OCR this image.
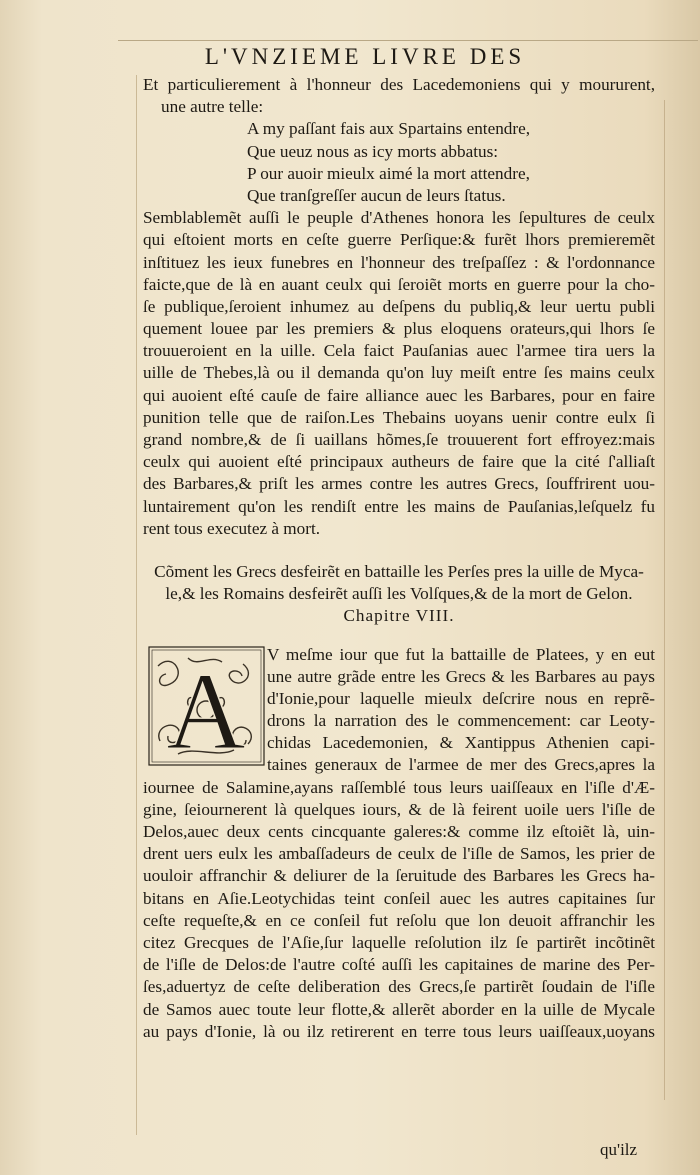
L'VNZIEME LIVRE DES
Et particulierement à l'honneur des Lacedemoniens qui y moururent,
une autre telle:
A my paſſant fais aux Spartains entendre,
Que ueuz nous as icy morts abbatus:
P our auoir mieulx aimé la mort attendre,
Que tranſgreſſer aucun de leurs ſtatus.
Semblablemẽt auſſi le peuple d'Athenes honora les ſepultures de ceulx
qui eſtoient morts en ceſte guerre Perſique:& furẽt lhors premieremẽt
inſtituez les ieux funebres en l'honneur des treſpaſſez : & l'ordonnance
faicte,que de là en auant ceulx qui ſeroiẽt morts en guerre pour la cho-
ſe publique,ſeroient inhumez au deſpens du publiq,& leur uertu publi
quement louee par les premiers & plus eloquens orateurs,qui lhors ſe
trouueroient en la uille. Cela faict Pauſanias auec l'armee tira uers la
uille de Thebes,là ou il demanda qu'on luy meiſt entre ſes mains ceulx
qui auoient eſté cauſe de faire alliance auec les Barbares, pour en faire
punition telle que de raiſon.Les Thebains uoyans uenir contre eulx ſi
grand nombre,& de ſi uaillans hõmes,ſe trouuerent fort effroyez:mais
ceulx qui auoient eſté principaux autheurs de faire que la cité ſ'alliaſt
des Barbares,& priſt les armes contre les autres Grecs, ſouffrirent uou-
luntairement qu'on les rendiſt entre les mains de Pauſanias,leſquelz fu
rent tous executez à mort.
Cõment les Grecs desfeirẽt en battaille les Perſes pres la uille de Myca-
le,& les Romains desfeirẽt auſſi les Volſques,& de la mort de Gelon.
Chapitre VIII.
A	V meſme iour que fut la battaille de Platees, y en eut
une autre grãde entre les Grecs & les Barbares au pays
d'Ionie,pour laquelle mieulx deſcrire nous en reprẽ-
drons la narration des le commencement: car Leoty-
chidas Lacedemonien, & Xantippus Athenien capi-
taines generaux de l'armee de mer des Grecs,apres la
iournee de Salamine,ayans raſſemblé tous leurs uaiſſeaux en l'iſle d'Æ-
gine, ſeiournerent là quelques iours, & de là feirent uoile uers l'iſle de
Delos,auec deux cents cincquante galeres:& comme ilz eſtoiẽt là, uin-
drent uers eulx les ambaſſadeurs de ceulx de l'iſle de Samos, les prier de
uouloir affranchir & deliurer de la ſeruitude des Barbares les Grecs ha-
bitans en Aſie.Leotychidas teint conſeil auec les autres capitaines ſur
ceſte requeſte,& en ce conſeil fut reſolu que lon deuoit affranchir les
citez Grecques de l'Aſie,ſur laquelle reſolution ilz ſe partirẽt incõtinẽt
de l'iſle de Delos:de l'autre coſté auſſi les capitaines de marine des Per-
ſes,aduertyz de ceſte deliberation des Grecs,ſe partirẽt ſoudain de l'iſle
de Samos auec toute leur flotte,& allerẽt aborder en la uille de Mycale
au pays d'Ionie, là ou ilz retirerent en terre tous leurs uaiſſeaux,uoyans
qu'ilz
